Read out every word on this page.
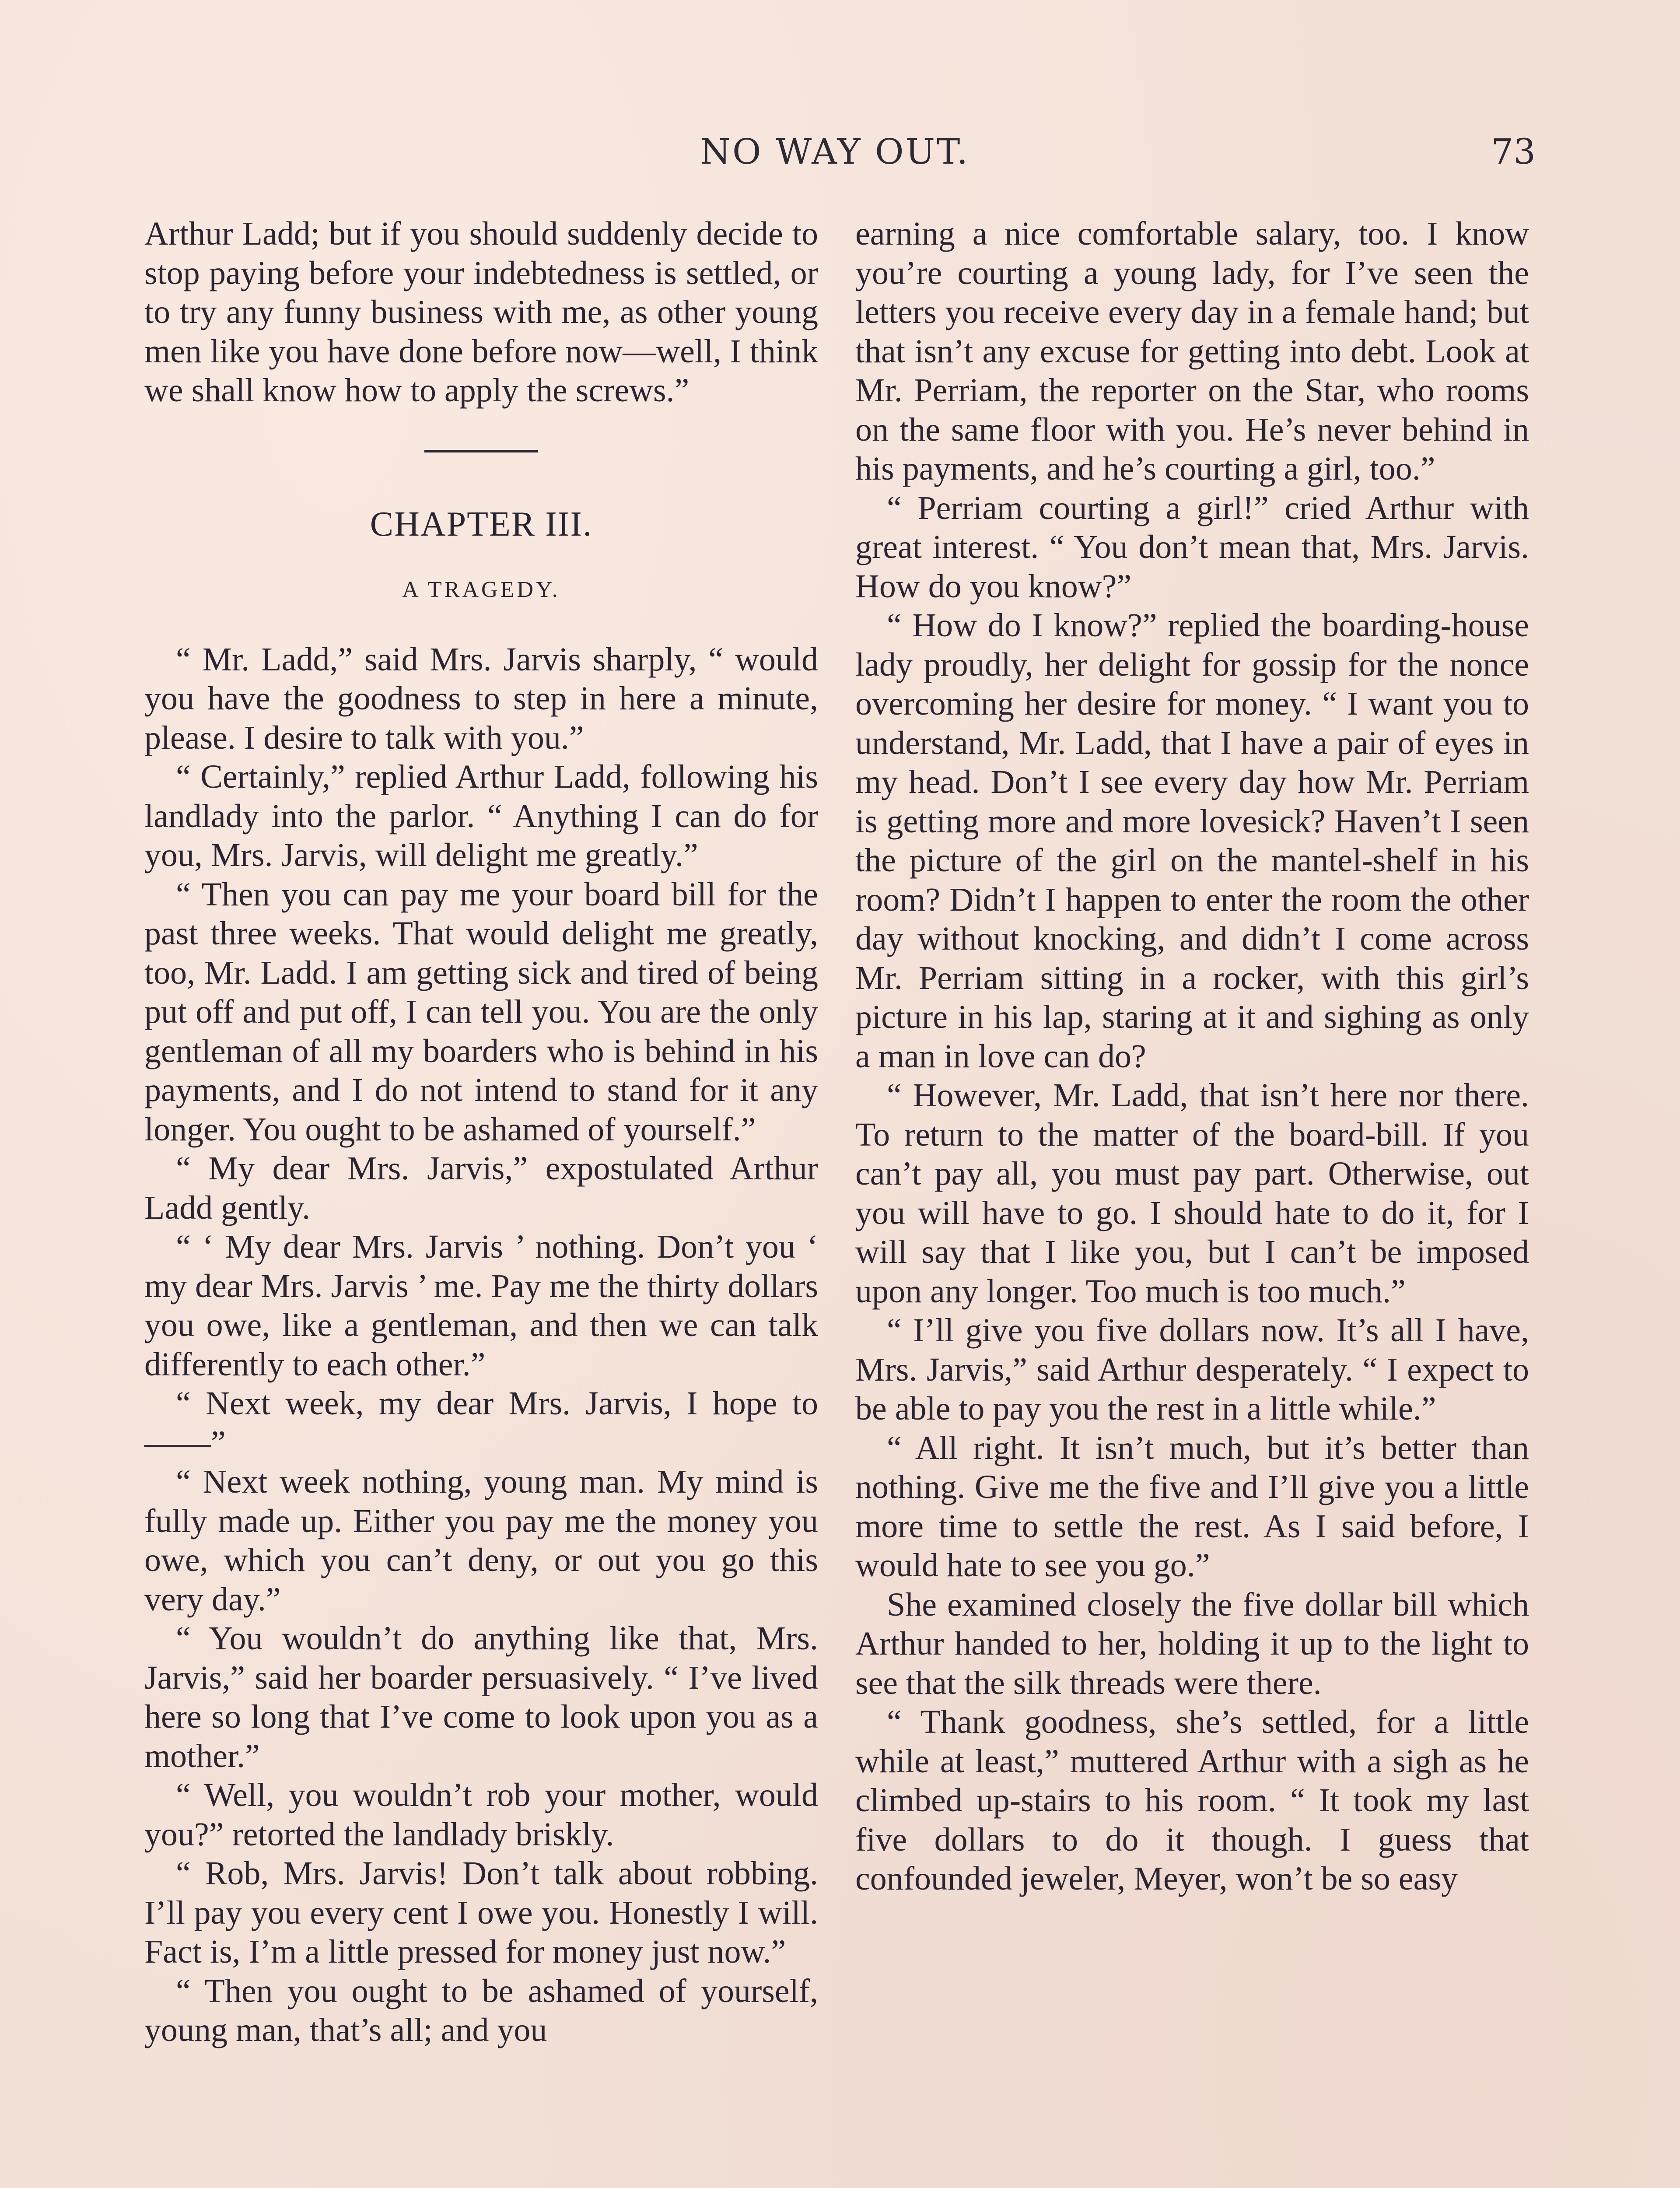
NO WAY OUT.	73

Arthur Ladd; but if you should suddenly decide to stop paying before your indebtedness is settled, or to try any funny business with me, as other young men like you have done before now—well, I think we shall know how to apply the screws.”

CHAPTER III.
A TRAGEDY.

“ Mr. Ladd,” said Mrs. Jarvis sharply, “ would you have the goodness to step in here a minute, please. I desire to talk with you.”

“ Certainly,” replied Arthur Ladd, following his landlady into the parlor. “ Anything I can do for you, Mrs. Jarvis, will delight me greatly.”

“ Then you can pay me your board bill for the past three weeks. That would delight me greatly, too, Mr. Ladd. I am getting sick and tired of being put off and put off, I can tell you. You are the only gentleman of all my boarders who is behind in his payments, and I do not intend to stand for it any longer. You ought to be ashamed of yourself.”

“ My dear Mrs. Jarvis,” expostulated Arthur Ladd gently.

“ ‘ My dear Mrs. Jarvis ’ nothing. Don’t you ‘ my dear Mrs. Jarvis ’ me. Pay me the thirty dollars you owe, like a gentleman, and then we can talk differently to each other.”

“ Next week, my dear Mrs. Jarvis, I hope to——”

“ Next week nothing, young man. My mind is fully made up. Either you pay me the money you owe, which you can’t deny, or out you go this very day.”

“ You wouldn’t do anything like that, Mrs. Jarvis,” said her boarder persuasively. “ I’ve lived here so long that I’ve come to look upon you as a mother.”

“ Well, you wouldn’t rob your mother, would you?” retorted the landlady briskly.

“ Rob, Mrs. Jarvis! Don’t talk about robbing. I’ll pay you every cent I owe you. Honestly I will. Fact is, I’m a little pressed for money just now.”

“ Then you ought to be ashamed of yourself, young man, that’s all; and you

earning a nice comfortable salary, too. I know you’re courting a young lady, for I’ve seen the letters you receive every day in a female hand; but that isn’t any excuse for getting into debt. Look at Mr. Perriam, the reporter on the Star, who rooms on the same floor with you. He’s never behind in his payments, and he’s courting a girl, too.”

“ Perriam courting a girl!” cried Arthur with great interest. “ You don’t mean that, Mrs. Jarvis. How do you know?”

“ How do I know?” replied the boarding-house lady proudly, her delight for gossip for the nonce overcoming her desire for money. “ I want you to understand, Mr. Ladd, that I have a pair of eyes in my head. Don’t I see every day how Mr. Perriam is getting more and more lovesick? Haven’t I seen the picture of the girl on the mantel-shelf in his room? Didn’t I happen to enter the room the other day without knocking, and didn’t I come across Mr. Perriam sitting in a rocker, with this girl’s picture in his lap, staring at it and sighing as only a man in love can do?

“ However, Mr. Ladd, that isn’t here nor there. To return to the matter of the board-bill. If you can’t pay all, you must pay part. Otherwise, out you will have to go. I should hate to do it, for I will say that I like you, but I can’t be imposed upon any longer. Too much is too much.”

“ I’ll give you five dollars now. It’s all I have, Mrs. Jarvis,” said Arthur desperately. “ I expect to be able to pay you the rest in a little while.”

“ All right. It isn’t much, but it’s better than nothing. Give me the five and I’ll give you a little more time to settle the rest. As I said before, I would hate to see you go.”

She examined closely the five dollar bill which Arthur handed to her, holding it up to the light to see that the silk threads were there.

“ Thank goodness, she’s settled, for a little while at least,” muttered Arthur with a sigh as he climbed up-stairs to his room. “ It took my last five dollars to do it though. I guess that confounded jeweler, Meyer, won’t be so easy
